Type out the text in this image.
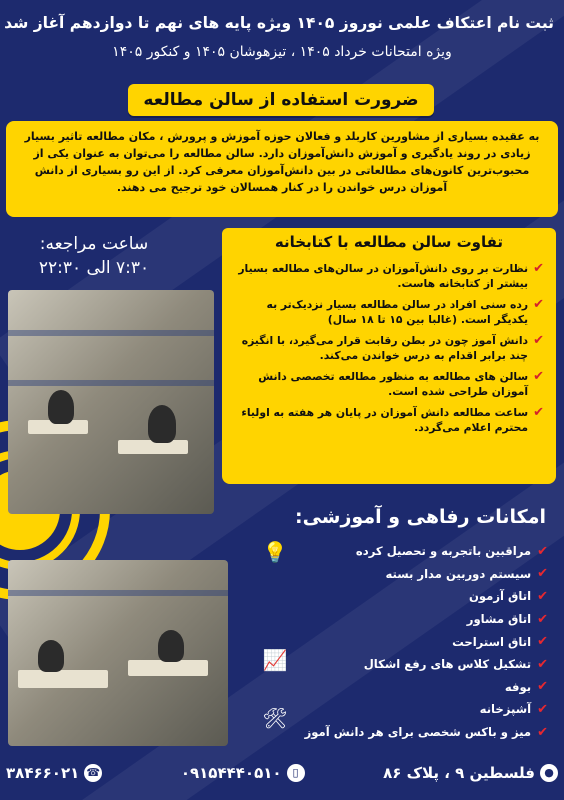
ثبت نام اعتکاف علمی نوروز ۱۴۰۵ ویژه پایه های نهم تا دوازدهم آغاز شد
ویژه امتحانات خرداد ۱۴۰۵ ، تیزهوشان ۱۴۰۵ و کنکور ۱۴۰۵
ضرورت استفاده از سالن مطالعه
به عقیده بسیاری از مشاورین کاربلد و فعالان حوزه آموزش و پرورش ، مکان مطالعه تاثیر بسیار زیادی در روند یادگیری و آموزش دانش‌آموزان دارد. سالن مطالعه را می‌توان به عنوان یکی از محبوب‌ترین کانون‌های مطالعاتی در بین دانش‌آموزان معرفی کرد. از این رو بسیاری از دانش آموزان درس خواندن را در کنار همسالان خود ترجیح می دهند.
ساعت مراجعه:
۷:۳۰ الی ۲۲:۳۰
تفاوت سالن مطالعه با کتابخانه
✔
نظارت بر روی دانش‌آموزان در سالن‌های مطالعه بسیار بیشتر از کتابخانه هاست.
✔
رده سنی افراد در سالن مطالعه بسیار نزدیک‌تر به یکدیگر است. (غالبا بین ۱۵ تا ۱۸ سال)
✔
دانش آموز چون در بطن رقابت قرار می‌گیرد، با انگیزه چند برابر اقدام به درس خواندن می‌کند.
✔
سالن های مطالعه به منظور مطالعه تخصصی دانش آموزان طراحی شده است.
✔
ساعت مطالعه دانش آموزان در پایان هر هفته به اولیاء محترم اعلام می‌گردد.
امکانات رفاهی و آموزشی:
✔
مراقبین باتجربه و تحصیل کرده
✔
سیستم دوربین مدار بسته
✔
اتاق آزمون
✔
اتاق مشاور
✔
اتاق استراحت
✔
تشکیل کلاس های رفع اشکال
✔
بوفه
✔
آشپزخانه
✔
میز و باکس شخصی برای هر دانش آموز
💡
📈
🛠
●
فلسطین ۹ ، پلاک ۸۶
▯
۰۹۱۵۴۴۴۰۵۱۰
☎
۳۸۴۶۶۰۲۱
